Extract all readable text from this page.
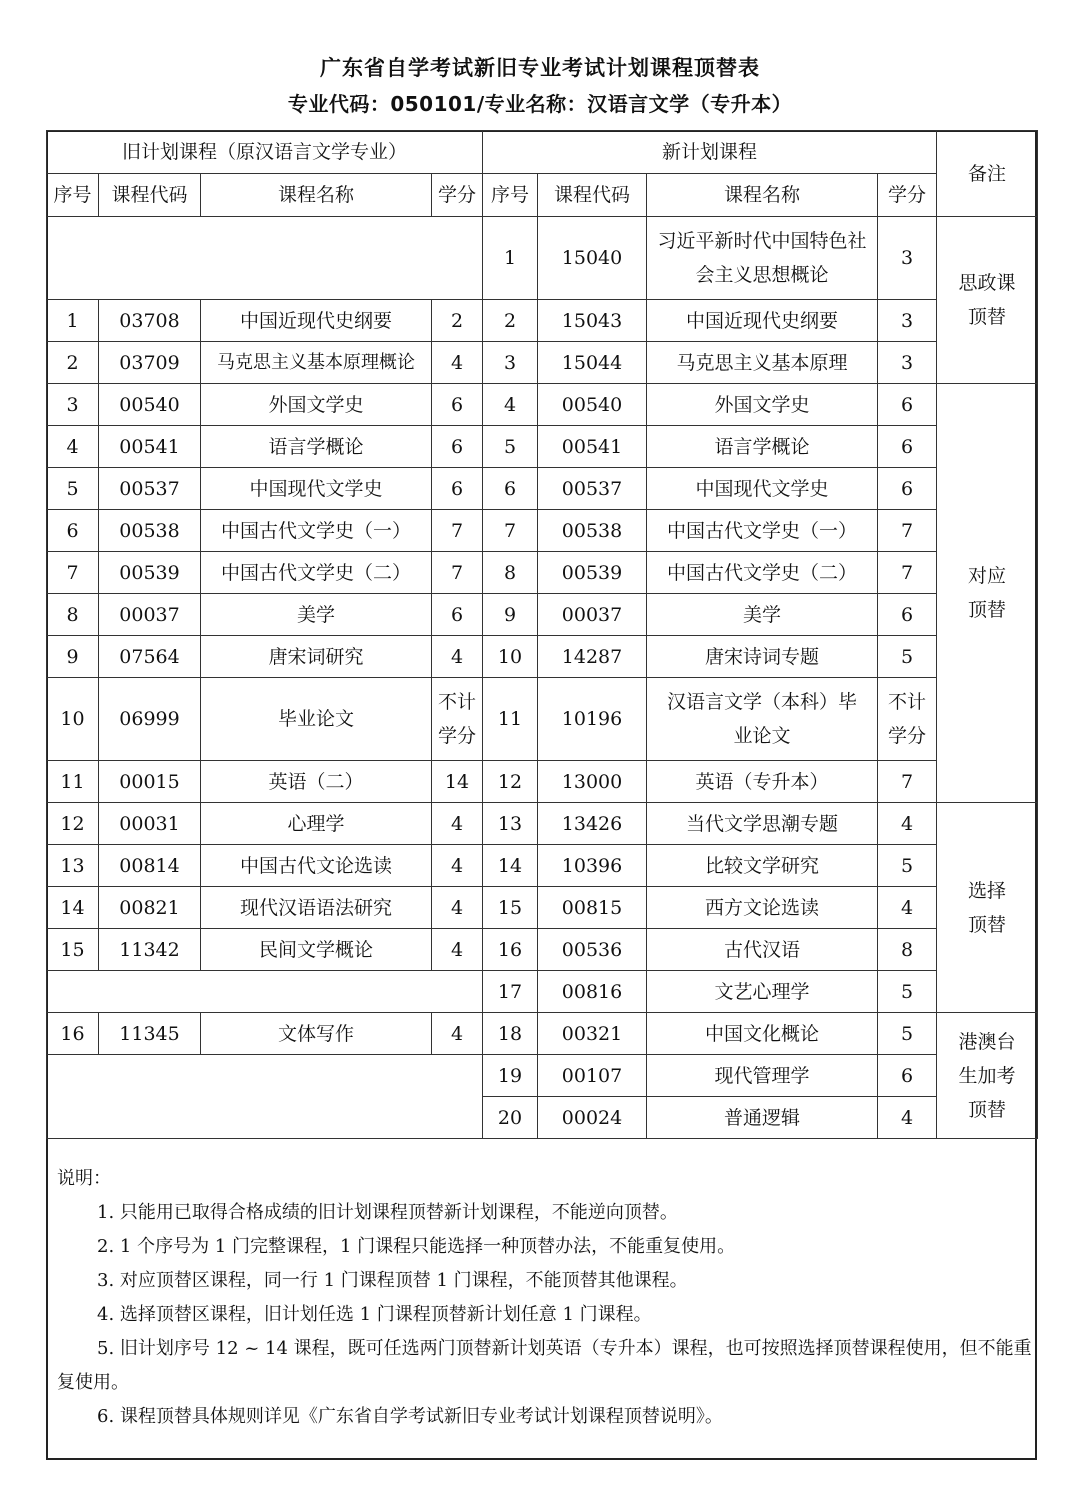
广东省自学考试新旧专业考试计划课程顶替表
专业代码：050101/专业名称：汉语言文学（专升本）
旧计划课程（原汉语言文学专业）				新计划课程				备注
序号	课程代码	课程名称	学分	序号	课程代码	课程名称	学分	
				1	15040	习近平新时代中国特色社会主义思想概论	3	思政课顶替
1	03708	中国近现代史纲要	2	2	15043	中国近现代史纲要	3	
2	03709	马克思主义基本原理概论	4	3	15044	马克思主义基本原理	3	
3	00540	外国文学史	6	4	00540	外国文学史	6	对应顶替
4	00541	语言学概论	6	5	00541	语言学概论	6	
5	00537	中国现代文学史	6	6	00537	中国现代文学史	6	
6	00538	中国古代文学史（一）	7	7	00538	中国古代文学史（一）	7	
7	00539	中国古代文学史（二）	7	8	00539	中国古代文学史（二）	7	
8	00037	美学	6	9	00037	美学	6	
9	07564	唐宋词研究	4	10	14287	唐宋诗词专题	5	
10	06999	毕业论文	不计学分	11	10196	汉语言文学（本科）毕业论文	不计学分	
11	00015	英语（二）	14	12	13000	英语（专升本）	7	
12	00031	心理学	4	13	13426	当代文学思潮专题	4	选择顶替
13	00814	中国古代文论选读	4	14	10396	比较文学研究	5	
14	00821	现代汉语语法研究	4	15	00815	西方文论选读	4	
15	11342	民间文学概论	4	16	00536	古代汉语	8	
				17	00816	文艺心理学	5	
16	11345	文体写作	4	18	00321	中国文化概论	5	港澳台生加考顶替
				19	00107	现代管理学	6	
				20	00024	普通逻辑	4	

说明：

1. 只能用已取得合格成绩的旧计划课程顶替新计划课程，不能逆向顶替。

2. 1 个序号为 1 门完整课程，1 门课程只能选择一种顶替办法，不能重复使用。

3. 对应顶替区课程，同一行 1 门课程顶替 1 门课程，不能顶替其他课程。

4. 选择顶替区课程，旧计划任选 1 门课程顶替新计划任意 1 门课程。

5. 旧计划序号 12 ~ 14 课程，既可任选两门顶替新计划英语（专升本）课程，也可按照选择顶替课程使用，但不能重复使用。

6. 课程顶替具体规则详见《广东省自学考试新旧专业考试计划课程顶替说明》。
